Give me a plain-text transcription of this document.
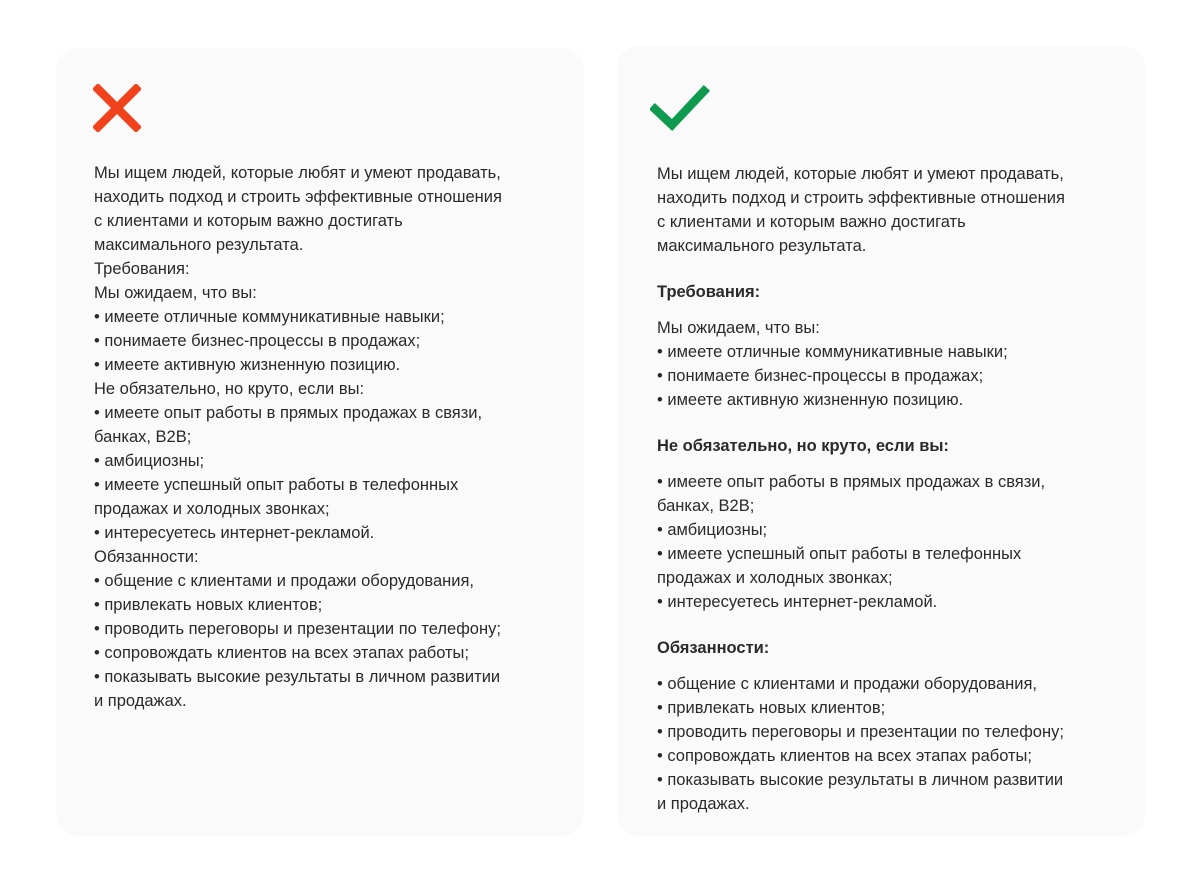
Мы ищем людей, которые любят и умеют продавать,
находить подход и строить эффективные отношения
с клиентами и которым важно достигать
максимального результата.
Требования:
Мы ожидаем, что вы:
• имеете отличные коммуникативные навыки;
• понимаете бизнес-процессы в продажах;
• имеете активную жизненную позицию.
Не обязательно, но круто, если вы:
• имеете опыт работы в прямых продажах в связи,
банках, B2B;
• амбициозны;
• имеете успешный опыт работы в телефонных
продажах и холодных звонках;
• интересуетесь интернет-рекламой.
Обязанности:
• общение с клиентами и продажи оборудования,
• привлекать новых клиентов;
• проводить переговоры и презентации по телефону;
• сопровождать клиентов на всех этапах работы;
• показывать высокие результаты в личном развитии
и продажах.
Мы ищем людей, которые любят и умеют продавать,
находить подход и строить эффективные отношения
с клиентами и которым важно достигать
максимального результата.
Требования:
Мы ожидаем, что вы:
• имеете отличные коммуникативные навыки;
• понимаете бизнес-процессы в продажах;
• имеете активную жизненную позицию.
Не обязательно, но круто, если вы:
• имеете опыт работы в прямых продажах в связи,
банках, B2B;
• амбициозны;
• имеете успешный опыт работы в телефонных
продажах и холодных звонках;
• интересуетесь интернет-рекламой.
Обязанности:
• общение с клиентами и продажи оборудования,
• привлекать новых клиентов;
• проводить переговоры и презентации по телефону;
• сопровождать клиентов на всех этапах работы;
• показывать высокие результаты в личном развитии
и продажах.
